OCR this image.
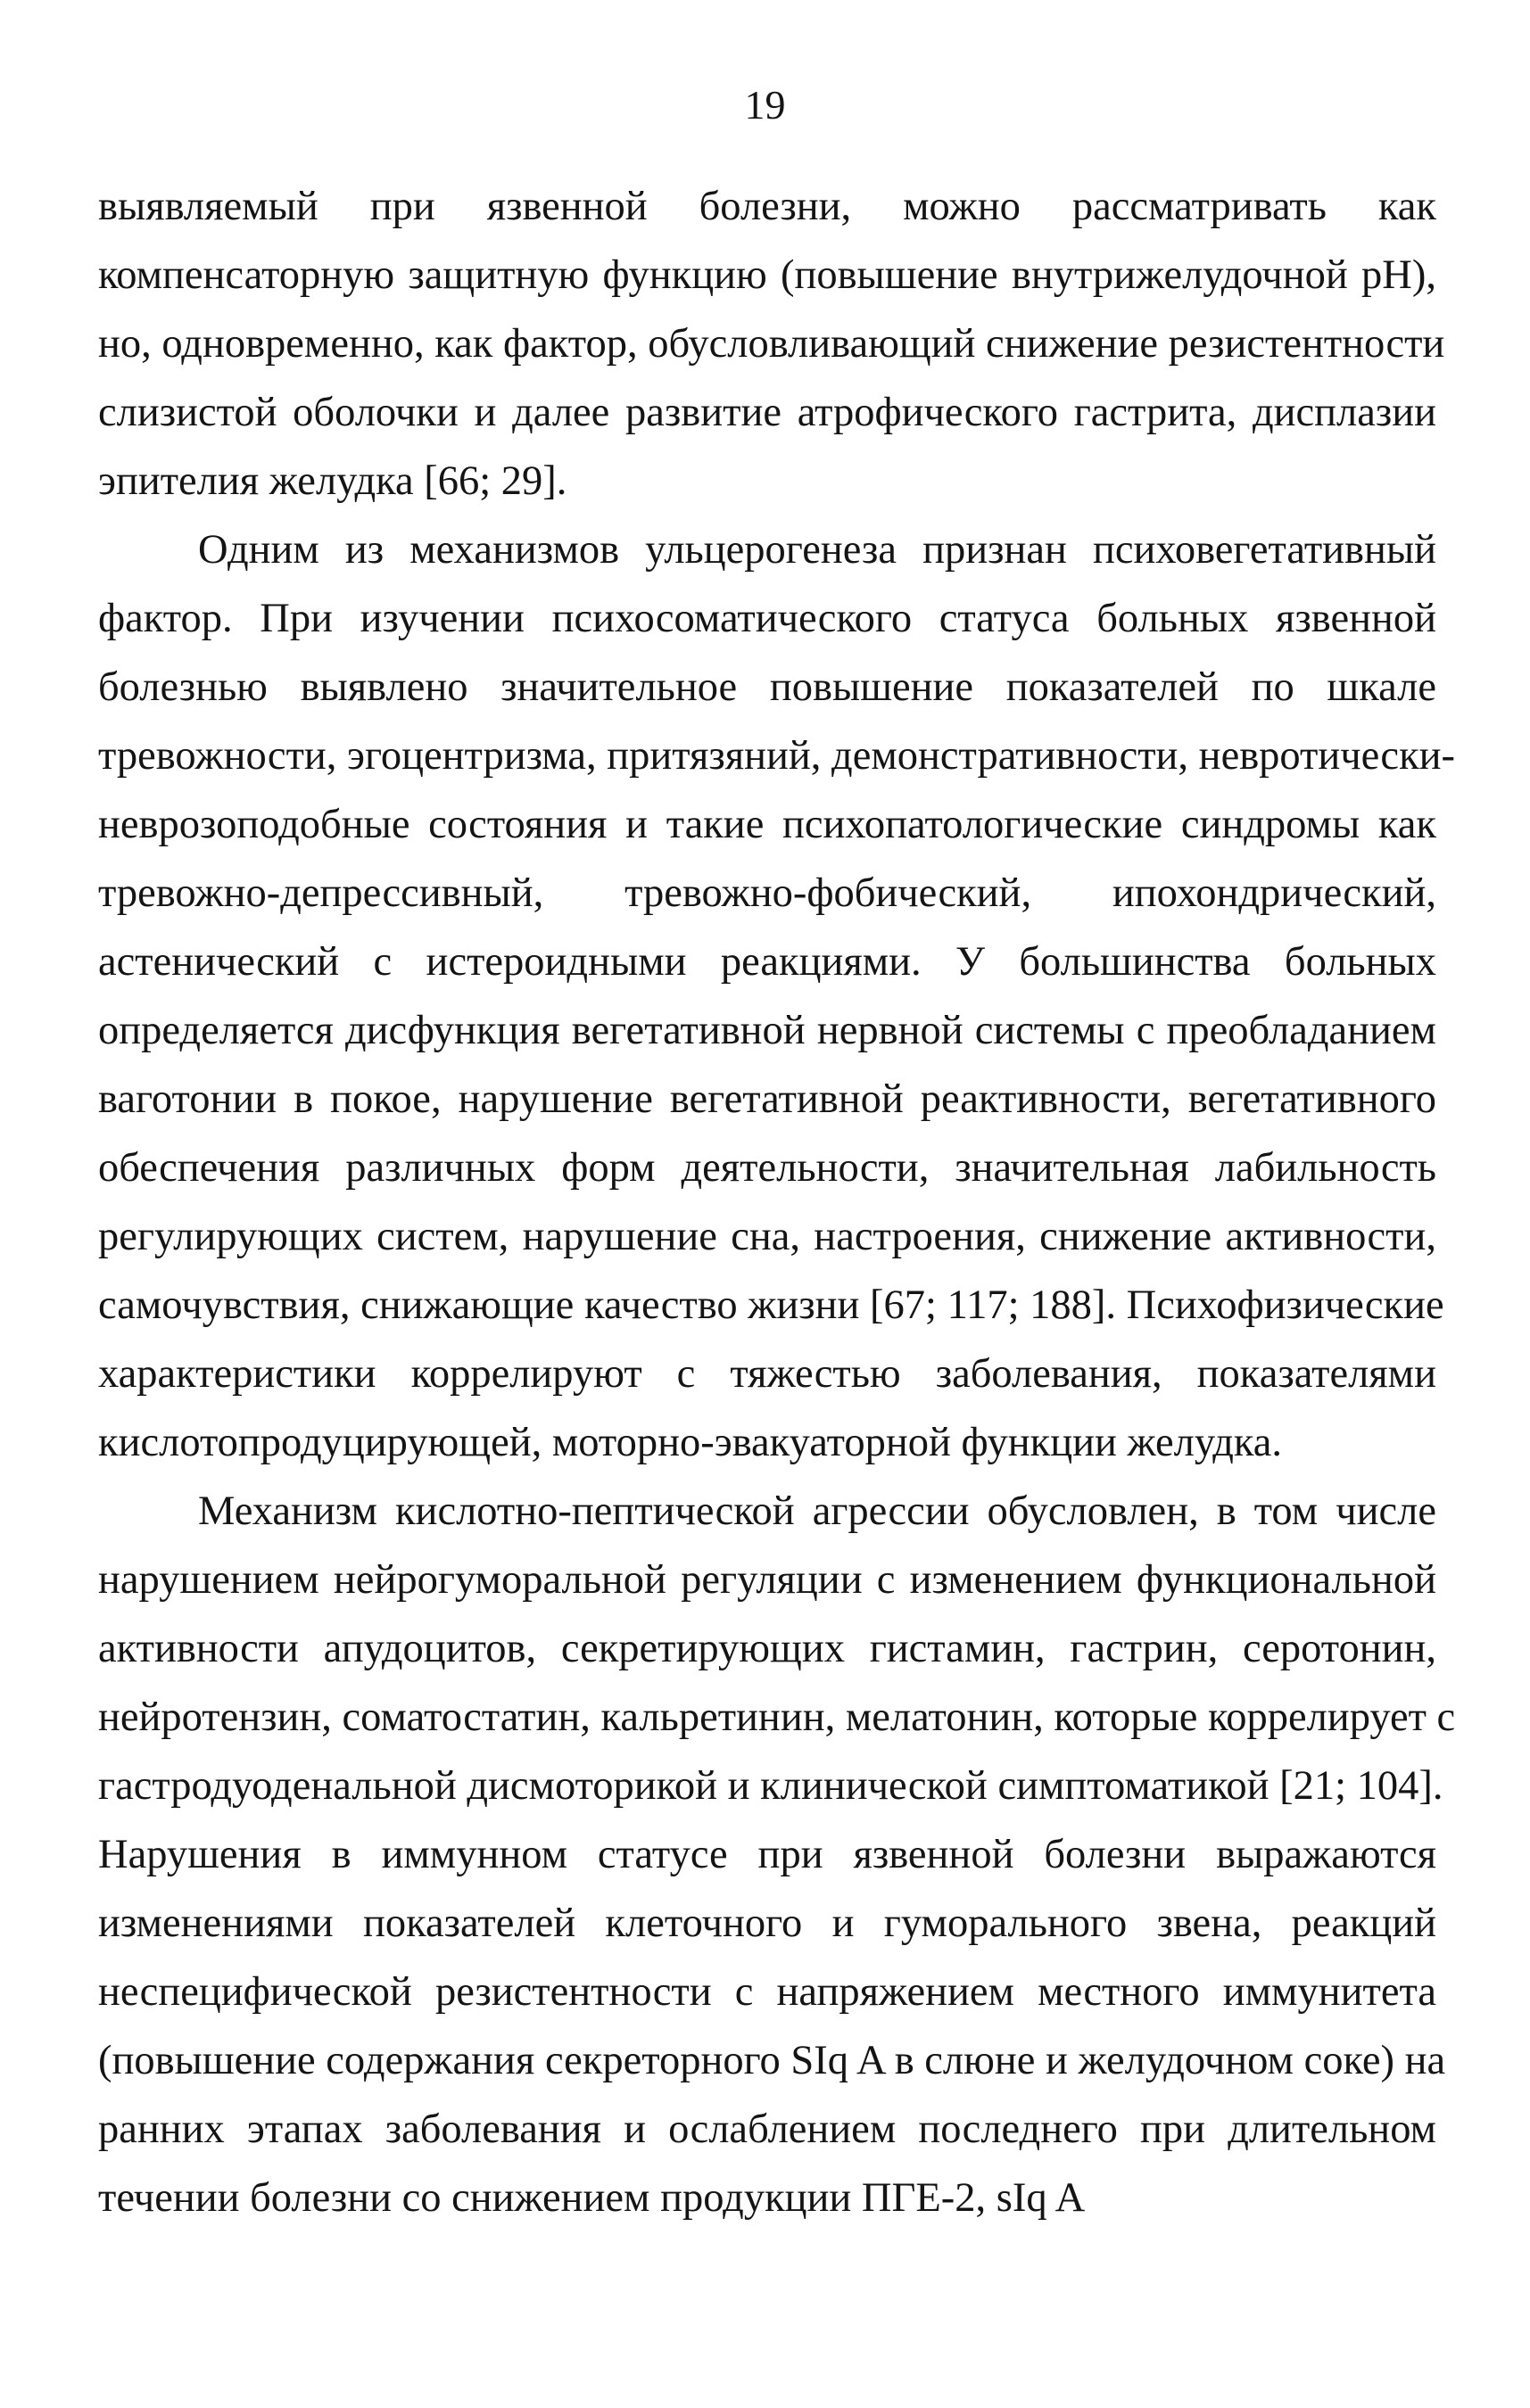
19
выявляемый при язвенной болезни, можно рассматривать как
компенсаторную защитную функцию (повышение внутрижелудочной pH),
но, одновременно, как фактор, обусловливающий снижение резистентности
слизистой оболочки и далее развитие атрофического гастрита, дисплазии
эпителия желудка [66; 29].
Одним из механизмов ульцерогенеза признан психовегетативный
фактор. При изучении психосоматического статуса больных язвенной
болезнью выявлено значительное повышение показателей по шкале
тревожности, эгоцентризма, притязяний, демонстративности, невротически-
неврозоподобные состояния и такие психопатологические синдромы как
тревожно-депрессивный, тревожно-фобический, ипохондрический,
астенический с истероидными реакциями. У большинства больных
определяется дисфункция вегетативной нервной системы с преобладанием
ваготонии в покое, нарушение вегетативной реактивности, вегетативного
обеспечения различных форм деятельности, значительная лабильность
регулирующих систем, нарушение сна, настроения, снижение активности,
самочувствия, снижающие качество жизни [67; 117; 188]. Психофизические
характеристики коррелируют с тяжестью заболевания, показателями
кислотопродуцирующей, моторно-эвакуаторной функции желудка.
Механизм кислотно-пептической агрессии обусловлен, в том числе
нарушением нейрогуморальной регуляции с изменением функциональной
активности апудоцитов, секретирующих гистамин, гастрин, серотонин,
нейротензин, соматостатин, кальретинин, мелатонин, которые коррелирует с
гастродуоденальной дисмоторикой и клинической симптоматикой [21; 104].
Нарушения в иммунном статусе при язвенной болезни выражаются
изменениями показателей клеточного и гуморального звена, реакций
неспецифической резистентности с напряжением местного иммунитета
(повышение содержания секреторного SIq A в слюне и желудочном соке) на
ранних этапах заболевания и ослаблением последнего при длительном
течении болезни со снижением продукции ПГЕ-2, sIq A
